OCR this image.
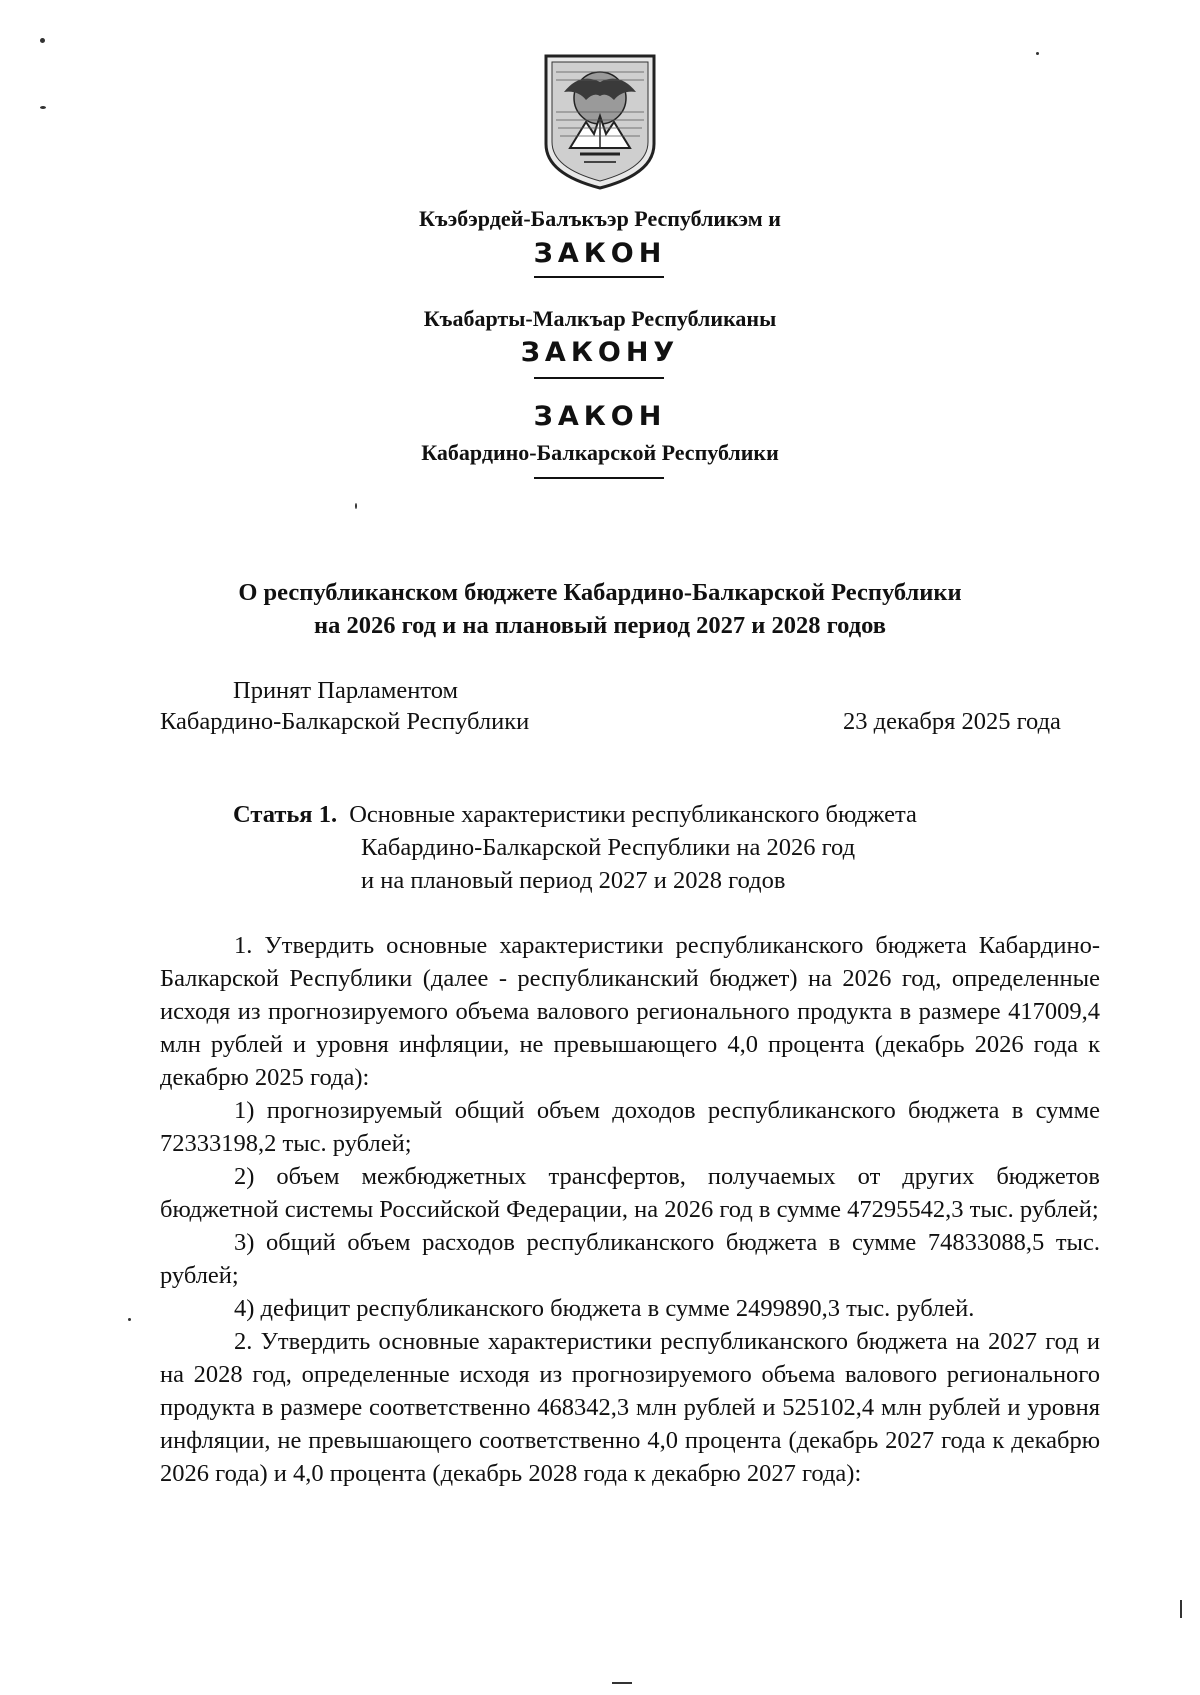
Къэбэрдей-Балъкъэр Республикэм и
ЗАКОН
Къабарты-Малкъар Республиканы
ЗАКОНУ
ЗАКОН
Кабардино-Балкарской Республики
О республиканском бюджете Кабардино-Балкарской Республики
на 2026 год и на плановый период 2027 и 2028 годов
Принят Парламентом
Кабардино-Балкарской Республики	23 декабря 2025 года
Статья 1. Основные характеристики республиканского бюджета
Кабардино-Балкарской Республики на 2026 год
и на плановый период 2027 и 2028 годов

1. Утвердить основные характеристики республиканского бюджета Кабардино-Балкарской Республики (далее - республиканский бюджет) на 2026 год, определенные исходя из прогнозируемого объема валового регионального продукта в размере 417009,4 млн рублей и уровня инфляции, не превышающего 4,0 процента (декабрь 2026 года к декабрю 2025 года):

1) прогнозируемый общий объем доходов республиканского бюджета в сумме 72333198,2 тыс. рублей;

2) объем межбюджетных трансфертов, получаемых от других бюджетов бюджетной системы Российской Федерации, на 2026 год в сумме 47295542,3 тыс. рублей;

3) общий объем расходов республиканского бюджета в сумме 74833088,5 тыс. рублей;

4) дефицит республиканского бюджета в сумме 2499890,3 тыс. рублей.

2. Утвердить основные характеристики республиканского бюджета на 2027 год и на 2028 год, определенные исходя из прогнозируемого объема валового регионального продукта в размере соответственно 468342,3 млн рублей и 525102,4 млн рублей и уровня инфляции, не превышающего соответственно 4,0 процента (декабрь 2027 года к декабрю 2026 года) и 4,0 процента (декабрь 2028 года к декабрю 2027 года):
